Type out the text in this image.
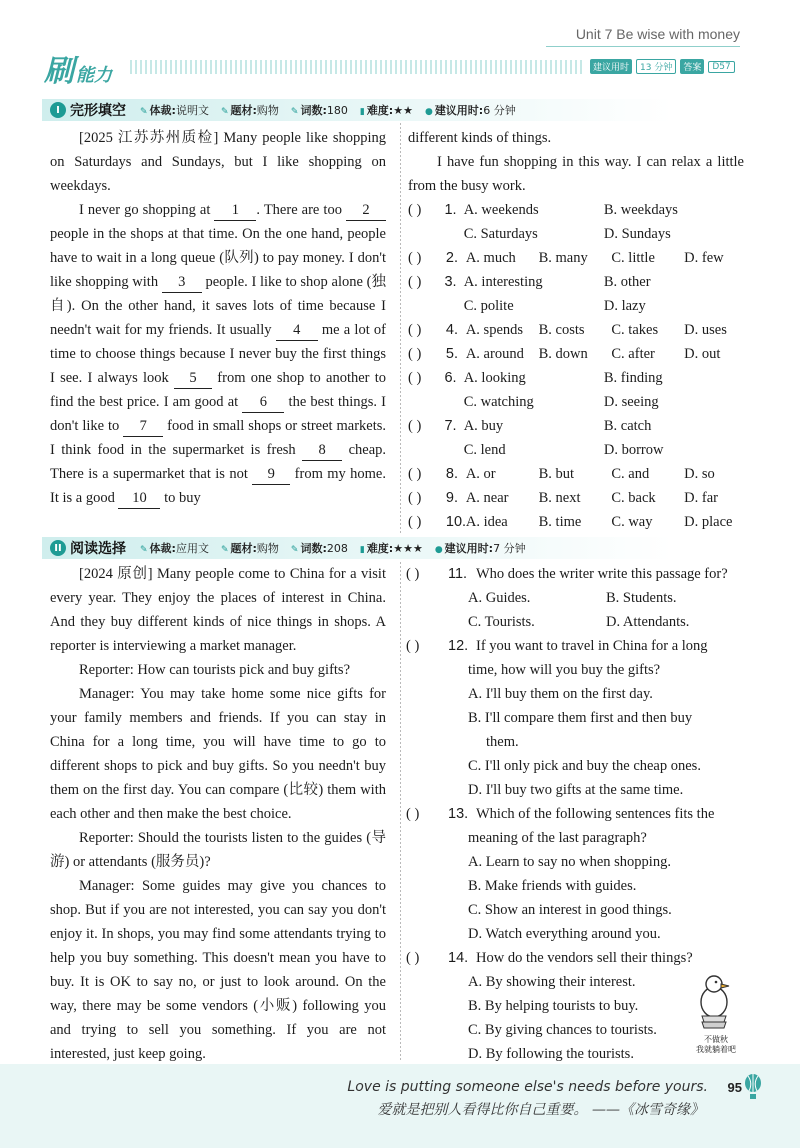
刷 能力
Unit 7 Be wise with money
建议用时	13 分钟	答案	D57
I 完形填空 ✎ 体裁:说明文 ✎ 题材:购物 ✎ 词数:180 ▮ 难度:★★ ● 建议用时:6 分钟

[2025 江苏苏州质检] Many people like shopping on Saturdays and Sundays, but I like shopping on weekdays.

I never go shopping at 1 . There are too 2 people in the shops at that time. On the one hand, people have to wait in a long queue (队列) to pay money. I don't like shopping with 3 people. I like to shop alone (独自). On the other hand, it saves lots of time because I needn't wait for my friends. It usually 4 me a lot of time to choose things because I never buy the first things I see. I always look 5 from one shop to another to find the best price. I am good at 6 the best things. I don't like to 7 food in small shops or street markets. I think food in the supermarket is fresh 8 cheap. There is a supermarket that is not 9 from my home. It is a good 10 to buy

different kinds of things.

I have fun shopping in this way. I can relax a little from the busy work.

( )	1. A. weekends	B. weekdays
C. Saturdays	D. Sundays
( )	2. A. much	B. many	C. little	D. few
( )	3. A. interesting	B. other
C. polite	D. lazy
( )	4. A. spends	B. costs	C. takes	D. uses
( )	5. A. around	B. down	C. after	D. out
( )	6. A. looking	B. finding
C. watching	D. seeing
( )	7. A. buy	B. catch
C. lend	D. borrow
( )	8. A. or	B. but	C. and	D. so
( )	9. A. near	B. next	C. back	D. far
( )	10. A. idea	B. time	C. way	D. place
II 阅读选择 ✎ 体裁:应用文 ✎ 题材:购物 ✎ 词数:208 ▮ 难度:★★★ ● 建议用时:7 分钟

[2024 原创] Many people come to China for a visit every year. They enjoy the places of interest in China. And they buy different kinds of nice things in shops. A reporter is interviewing a market manager.

Reporter: How can tourists pick and buy gifts?

Manager: You may take home some nice gifts for your family members and friends. If you can stay in China for a long time, you will have time to go to different shops to pick and buy gifts. So you needn't buy them on the first day. You can compare (比较) them with each other and then make the best choice.

Reporter: Should the tourists listen to the guides (导游) or attendants (服务员)?

Manager: Some guides may give you chances to shop. But if you are not interested, you can say you don't enjoy it. In shops, you may find some attendants trying to help you buy something. This doesn't mean you have to buy. It is OK to say no, or just to look around. On the way, there may be some vendors (小贩) following you and trying to sell you something. If you are not interested, just keep going.

( )	11. Who does the writer write this passage for?
A. Guides.	B. Students.
C. Tourists.	D. Attendants.
( )	12. If you want to travel in China for a long
time, how will you buy the gifts?
A. I'll buy them on the first day.
B. I'll compare them first and then buy
them.
C. I'll only pick and buy the cheap ones.
D. I'll buy two gifts at the same time.
( )	13. Which of the following sentences fits the
meaning of the last paragraph?
A. Learn to say no when shopping.
B. Make friends with guides.
C. Show an interest in good things.
D. Watch everything around you.
( )	14. How do the vendors sell their things?
A. By showing their interest.
B. By helping tourists to buy.
C. By giving chances to tourists.
D. By following the tourists.
不做秋
我就躺着吧
Love is putting someone else's needs before yours.
爱就是把别人看得比你自己重要。 ——《冰雪奇缘》
95
